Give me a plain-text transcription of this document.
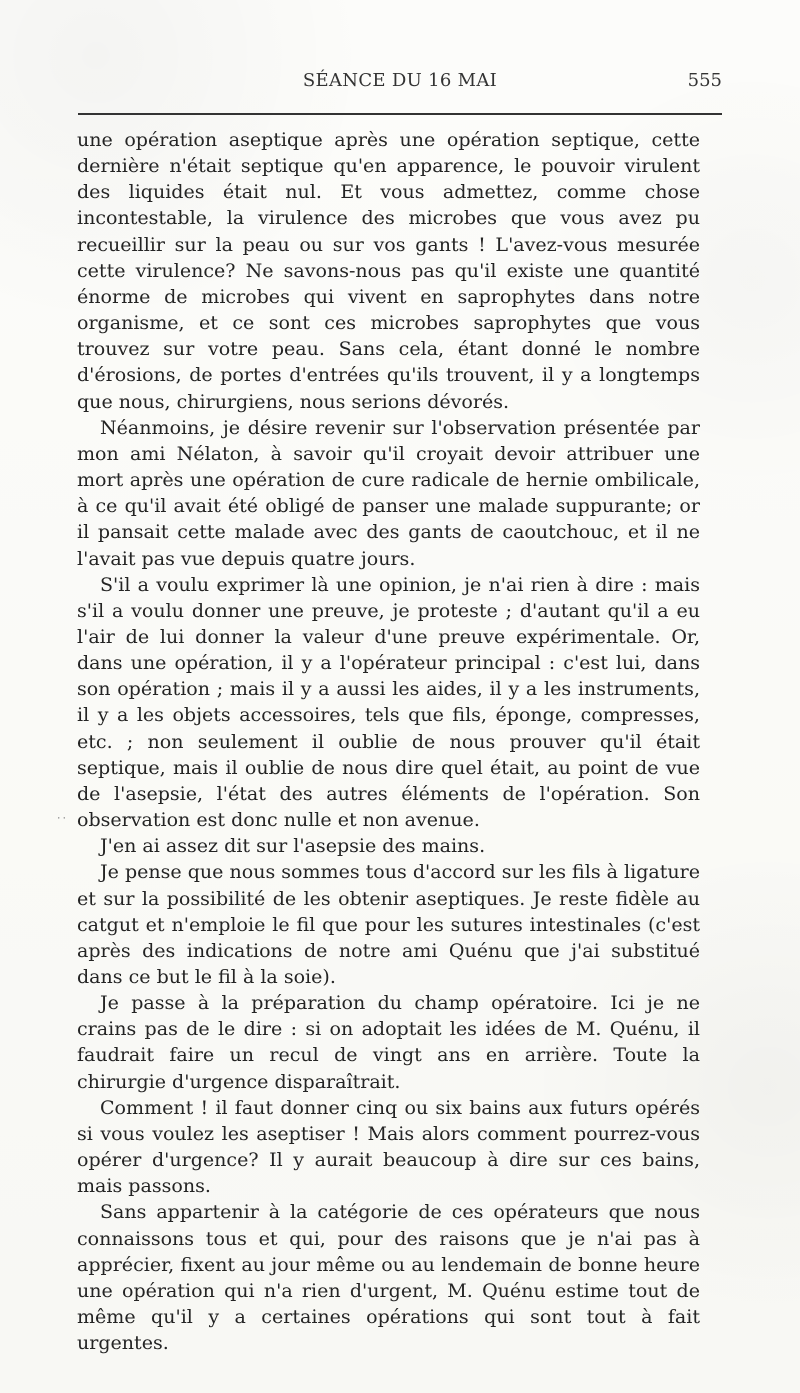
SÉANCE DU 16 MAI	555

une opération aseptique après une opération septique, cette dernière n'était septique qu'en apparence, le pouvoir virulent des liquides était nul. Et vous admettez, comme chose incontestable, la virulence des microbes que vous avez pu recueillir sur la peau ou sur vos gants ! L'avez-vous mesurée cette virulence? Ne savons-nous pas qu'il existe une quantité énorme de microbes qui vivent en saprophytes dans notre organisme, et ce sont ces microbes saprophytes que vous trouvez sur votre peau. Sans cela, étant donné le nombre d'érosions, de portes d'entrées qu'ils trouvent, il y a longtemps que nous, chirurgiens, nous serions dévorés.

Néanmoins, je désire revenir sur l'observation présentée par mon ami Nélaton, à savoir qu'il croyait devoir attribuer une mort après une opération de cure radicale de hernie ombilicale, à ce qu'il avait été obligé de panser une malade suppurante; or il pansait cette malade avec des gants de caoutchouc, et il ne l'avait pas vue depuis quatre jours.

S'il a voulu exprimer là une opinion, je n'ai rien à dire : mais s'il a voulu donner une preuve, je proteste ; d'autant qu'il a eu l'air de lui donner la valeur d'une preuve expérimentale. Or, dans une opération, il y a l'opérateur principal : c'est lui, dans son opération ; mais il y a aussi les aides, il y a les instruments, il y a les objets accessoires, tels que fils, éponge, compresses, etc. ; non seulement il oublie de nous prouver qu'il était septique, mais il oublie de nous dire quel était, au point de vue de l'asepsie, l'état des autres éléments de l'opération. Son observation est donc nulle et non avenue.

J'en ai assez dit sur l'asepsie des mains.

Je pense que nous sommes tous d'accord sur les fils à ligature et sur la possibilité de les obtenir aseptiques. Je reste fidèle au catgut et n'emploie le fil que pour les sutures intestinales (c'est après des indications de notre ami Quénu que j'ai substitué dans ce but le fil à la soie).

Je passe à la préparation du champ opératoire. Ici je ne crains pas de le dire : si on adoptait les idées de M. Quénu, il faudrait faire un recul de vingt ans en arrière. Toute la chirurgie d'urgence disparaîtrait.

Comment ! il faut donner cinq ou six bains aux futurs opérés si vous voulez les aseptiser ! Mais alors comment pourrez-vous opérer d'urgence? Il y aurait beaucoup à dire sur ces bains, mais passons.

Sans appartenir à la catégorie de ces opérateurs que nous connaissons tous et qui, pour des raisons que je n'ai pas à apprécier, fixent au jour même ou au lendemain de bonne heure une opération qui n'a rien d'urgent, M. Quénu estime tout de même qu'il y a certaines opérations qui sont tout à fait urgentes.

˙˙
